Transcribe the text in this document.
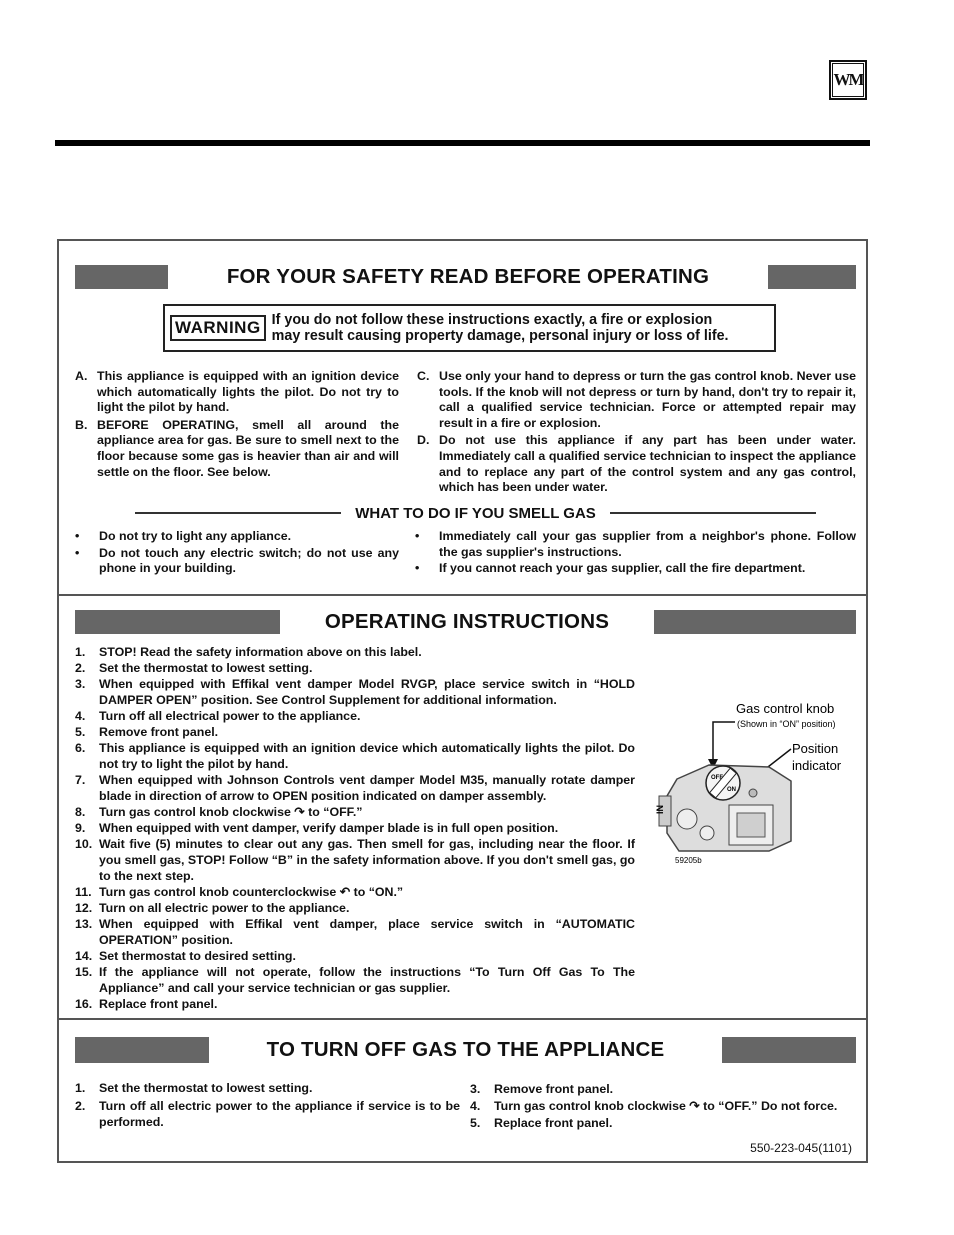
WM
FOR YOUR SAFETY READ BEFORE OPERATING
WARNING If you do not follow these instructions exactly, a fire or explosion
may result causing property damage, personal injury or loss of life.
A. This appliance is equipped with an ignition device which automatically lights the pilot. Do not try to light the pilot by hand.
B. BEFORE OPERATING, smell all around the appliance area for gas. Be sure to smell next to the floor because some gas is heavier than air and will settle on the floor. See below.
C. Use only your hand to depress or turn the gas control knob. Never use tools. If the knob will not depress or turn by hand, don't try to repair it, call a qualified service technician. Force or attempted repair may result in a fire or explosion.
D. Do not use this appliance if any part has been under water. Immediately call a qualified service technician to inspect the appliance and to replace any part of the control system and any gas control, which has been under water.
WHAT TO DO IF YOU SMELL GAS
•	Do not try to light any appliance.
•	Do not touch any electric switch; do not use any phone in your building.
•	Immediately call your gas supplier from a neighbor's phone. Follow the gas supplier's instructions.
•	If you cannot reach your gas supplier, call the fire department.
OPERATING INSTRUCTIONS
1.	STOP! Read the safety information above on this label.
2.	Set the thermostat to lowest setting.
3.	When equipped with Effikal vent damper Model RVGP, place service switch in “HOLD DAMPER OPEN” position. See Control Supplement for additional information.
4.	Turn off all electrical power to the appliance.
5.	Remove front panel.
6.	This appliance is equipped with an ignition device which automatically lights the pilot. Do not try to light the pilot by hand.
7.	When equipped with Johnson Controls vent damper Model M35, manually rotate damper blade in direction of arrow to OPEN position indicated on damper assembly.
8.	Turn gas control knob clockwise ↷ to “OFF.”
9.	When equipped with vent damper, verify damper blade is in full open position.
10. Wait five (5) minutes to clear out any gas. Then smell for gas, including near the floor. If you smell gas, STOP! Follow “B” in the safety information above. If you don't smell gas, go to the next step.
11. Turn gas control knob counterclockwise ↶ to “ON.”
12. Turn on all electric power to the appliance.
13. When equipped with Effikal vent damper, place service switch in “AUTOMATIC OPERATION” position.
14. Set thermostat to desired setting.
15. If the appliance will not operate, follow the instructions “To Turn Off Gas To The Appliance” and call your service technician or gas supplier.
16. Replace front panel.
Gas control knob
(Shown in “ON” position)
Position
indicator
OFF
ON
IN
59205b
TO TURN OFF GAS TO THE APPLIANCE
1.	Set the thermostat to lowest setting.
2.	Turn off all electric power to the appliance if service is to be performed.
3.	Remove front panel.
4.	Turn gas control knob clockwise ↷ to “OFF.” Do not force.
5.	Replace front panel.
550-223-045(1101)
